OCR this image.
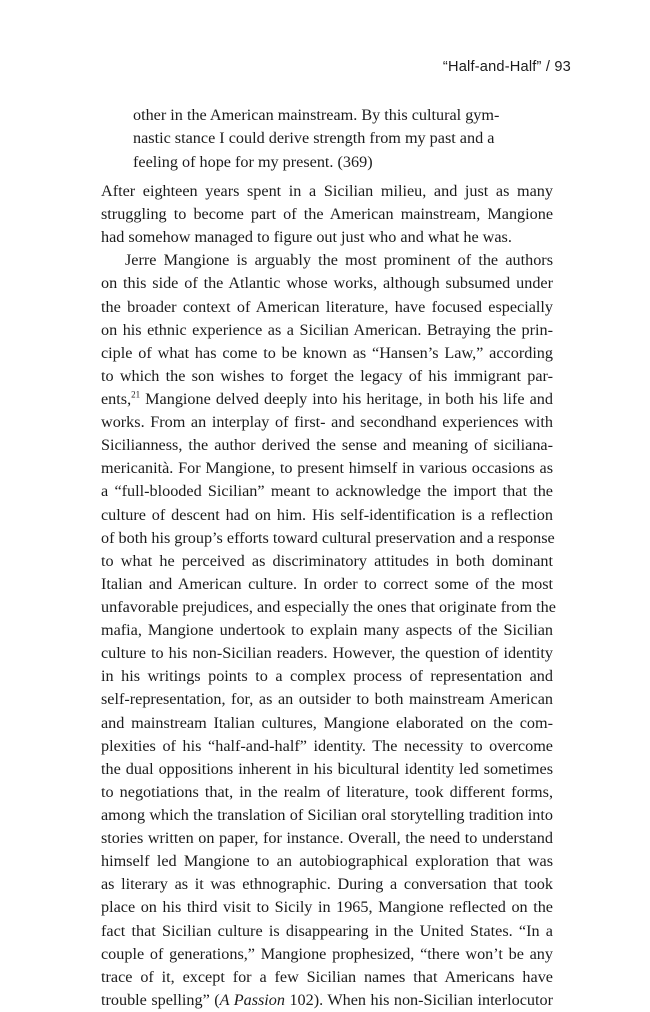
“Half-and-Half” / 93
other in the American mainstream. By this cultural gym-
nastic stance I could derive strength from my past and a
feeling of hope for my present. (369)
After eighteen years spent in a Sicilian milieu, and just as many
struggling to become part of the American mainstream, Mangione
had somehow managed to figure out just who and what he was.
Jerre Mangione is arguably the most prominent of the authors
on this side of the Atlantic whose works, although subsumed under
the broader context of American literature, have focused especially
on his ethnic experience as a Sicilian American. Betraying the prin-
ciple of what has come to be known as “Hansen’s Law,” according
to which the son wishes to forget the legacy of his immigrant par-
ents,$^{21}$ Mangione delved deeply into his heritage, in both his life and
works. From an interplay of first- and secondhand experiences with
Sicilianness, the author derived the sense and meaning of siciliana-
mericanità. For Mangione, to present himself in various occasions as
a “full-blooded Sicilian” meant to acknowledge the import that the
culture of descent had on him. His self-identification is a reflection
of both his group’s efforts toward cultural preservation and a response
to what he perceived as discriminatory attitudes in both dominant
Italian and American culture. In order to correct some of the most
unfavorable prejudices, and especially the ones that originate from the
mafia, Mangione undertook to explain many aspects of the Sicilian
culture to his non-Sicilian readers. However, the question of identity
in his writings points to a complex process of representation and
self-representation, for, as an outsider to both mainstream American
and mainstream Italian cultures, Mangione elaborated on the com-
plexities of his “half-and-half” identity. The necessity to overcome
the dual oppositions inherent in his bicultural identity led sometimes
to negotiations that, in the realm of literature, took different forms,
among which the translation of Sicilian oral storytelling tradition into
stories written on paper, for instance. Overall, the need to understand
himself led Mangione to an autobiographical exploration that was
as literary as it was ethnographic. During a conversation that took
place on his third visit to Sicily in 1965, Mangione reflected on the
fact that Sicilian culture is disappearing in the United States. “In a
couple of generations,” Mangione prophesized, “there won’t be any
trace of it, except for a few Sicilian names that Americans have
trouble spelling” (A Passion 102). When his non-Sicilian interlocutor
